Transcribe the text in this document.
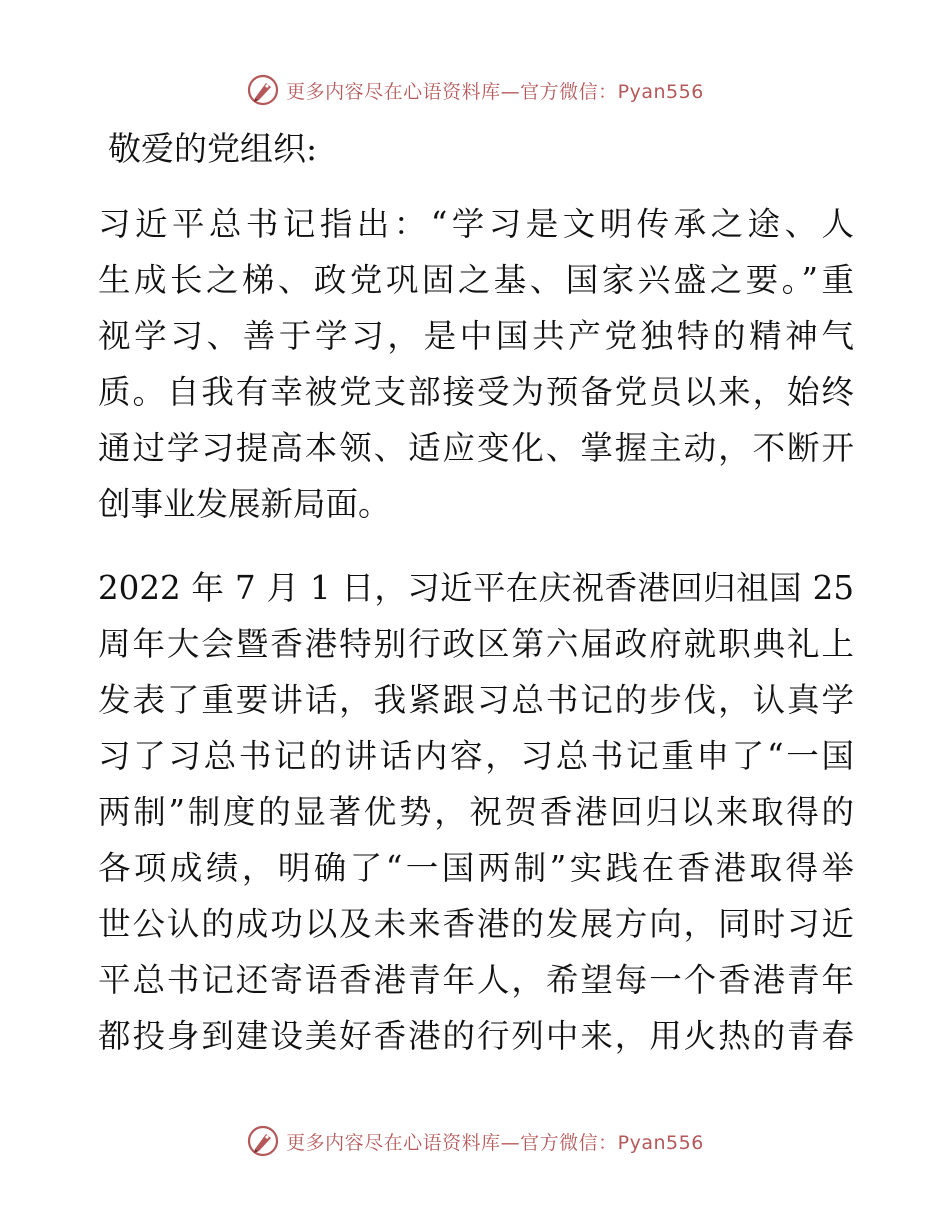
更多内容尽在心语资料库—官方微信：Pyan556

敬爱的党组织:

习近平总书记指出：“学习是文明传承之途、人
生成长之梯、政党巩固之基、国家兴盛之要。”重
视学习、善于学习，是中国共产党独特的精神气
质。自我有幸被党支部接受为预备党员以来，始终
通过学习提高本领、适应变化、掌握主动，不断开
创事业发展新局面。
2022 年 7 月 1 日，习近平在庆祝香港回归祖国 25
周年大会暨香港特别行政区第六届政府就职典礼上
发表了重要讲话，我紧跟习总书记的步伐，认真学
习了习总书记的讲话内容，习总书记重申了“一国
两制”制度的显著优势，祝贺香港回归以来取得的
各项成绩，明确了“一国两制”实践在香港取得举
世公认的成功以及未来香港的发展方向，同时习近
平总书记还寄语香港青年人，希望每一个香港青年
都投身到建设美好香港的行列中来，用火热的青春
更多内容尽在心语资料库—官方微信：Pyan556
